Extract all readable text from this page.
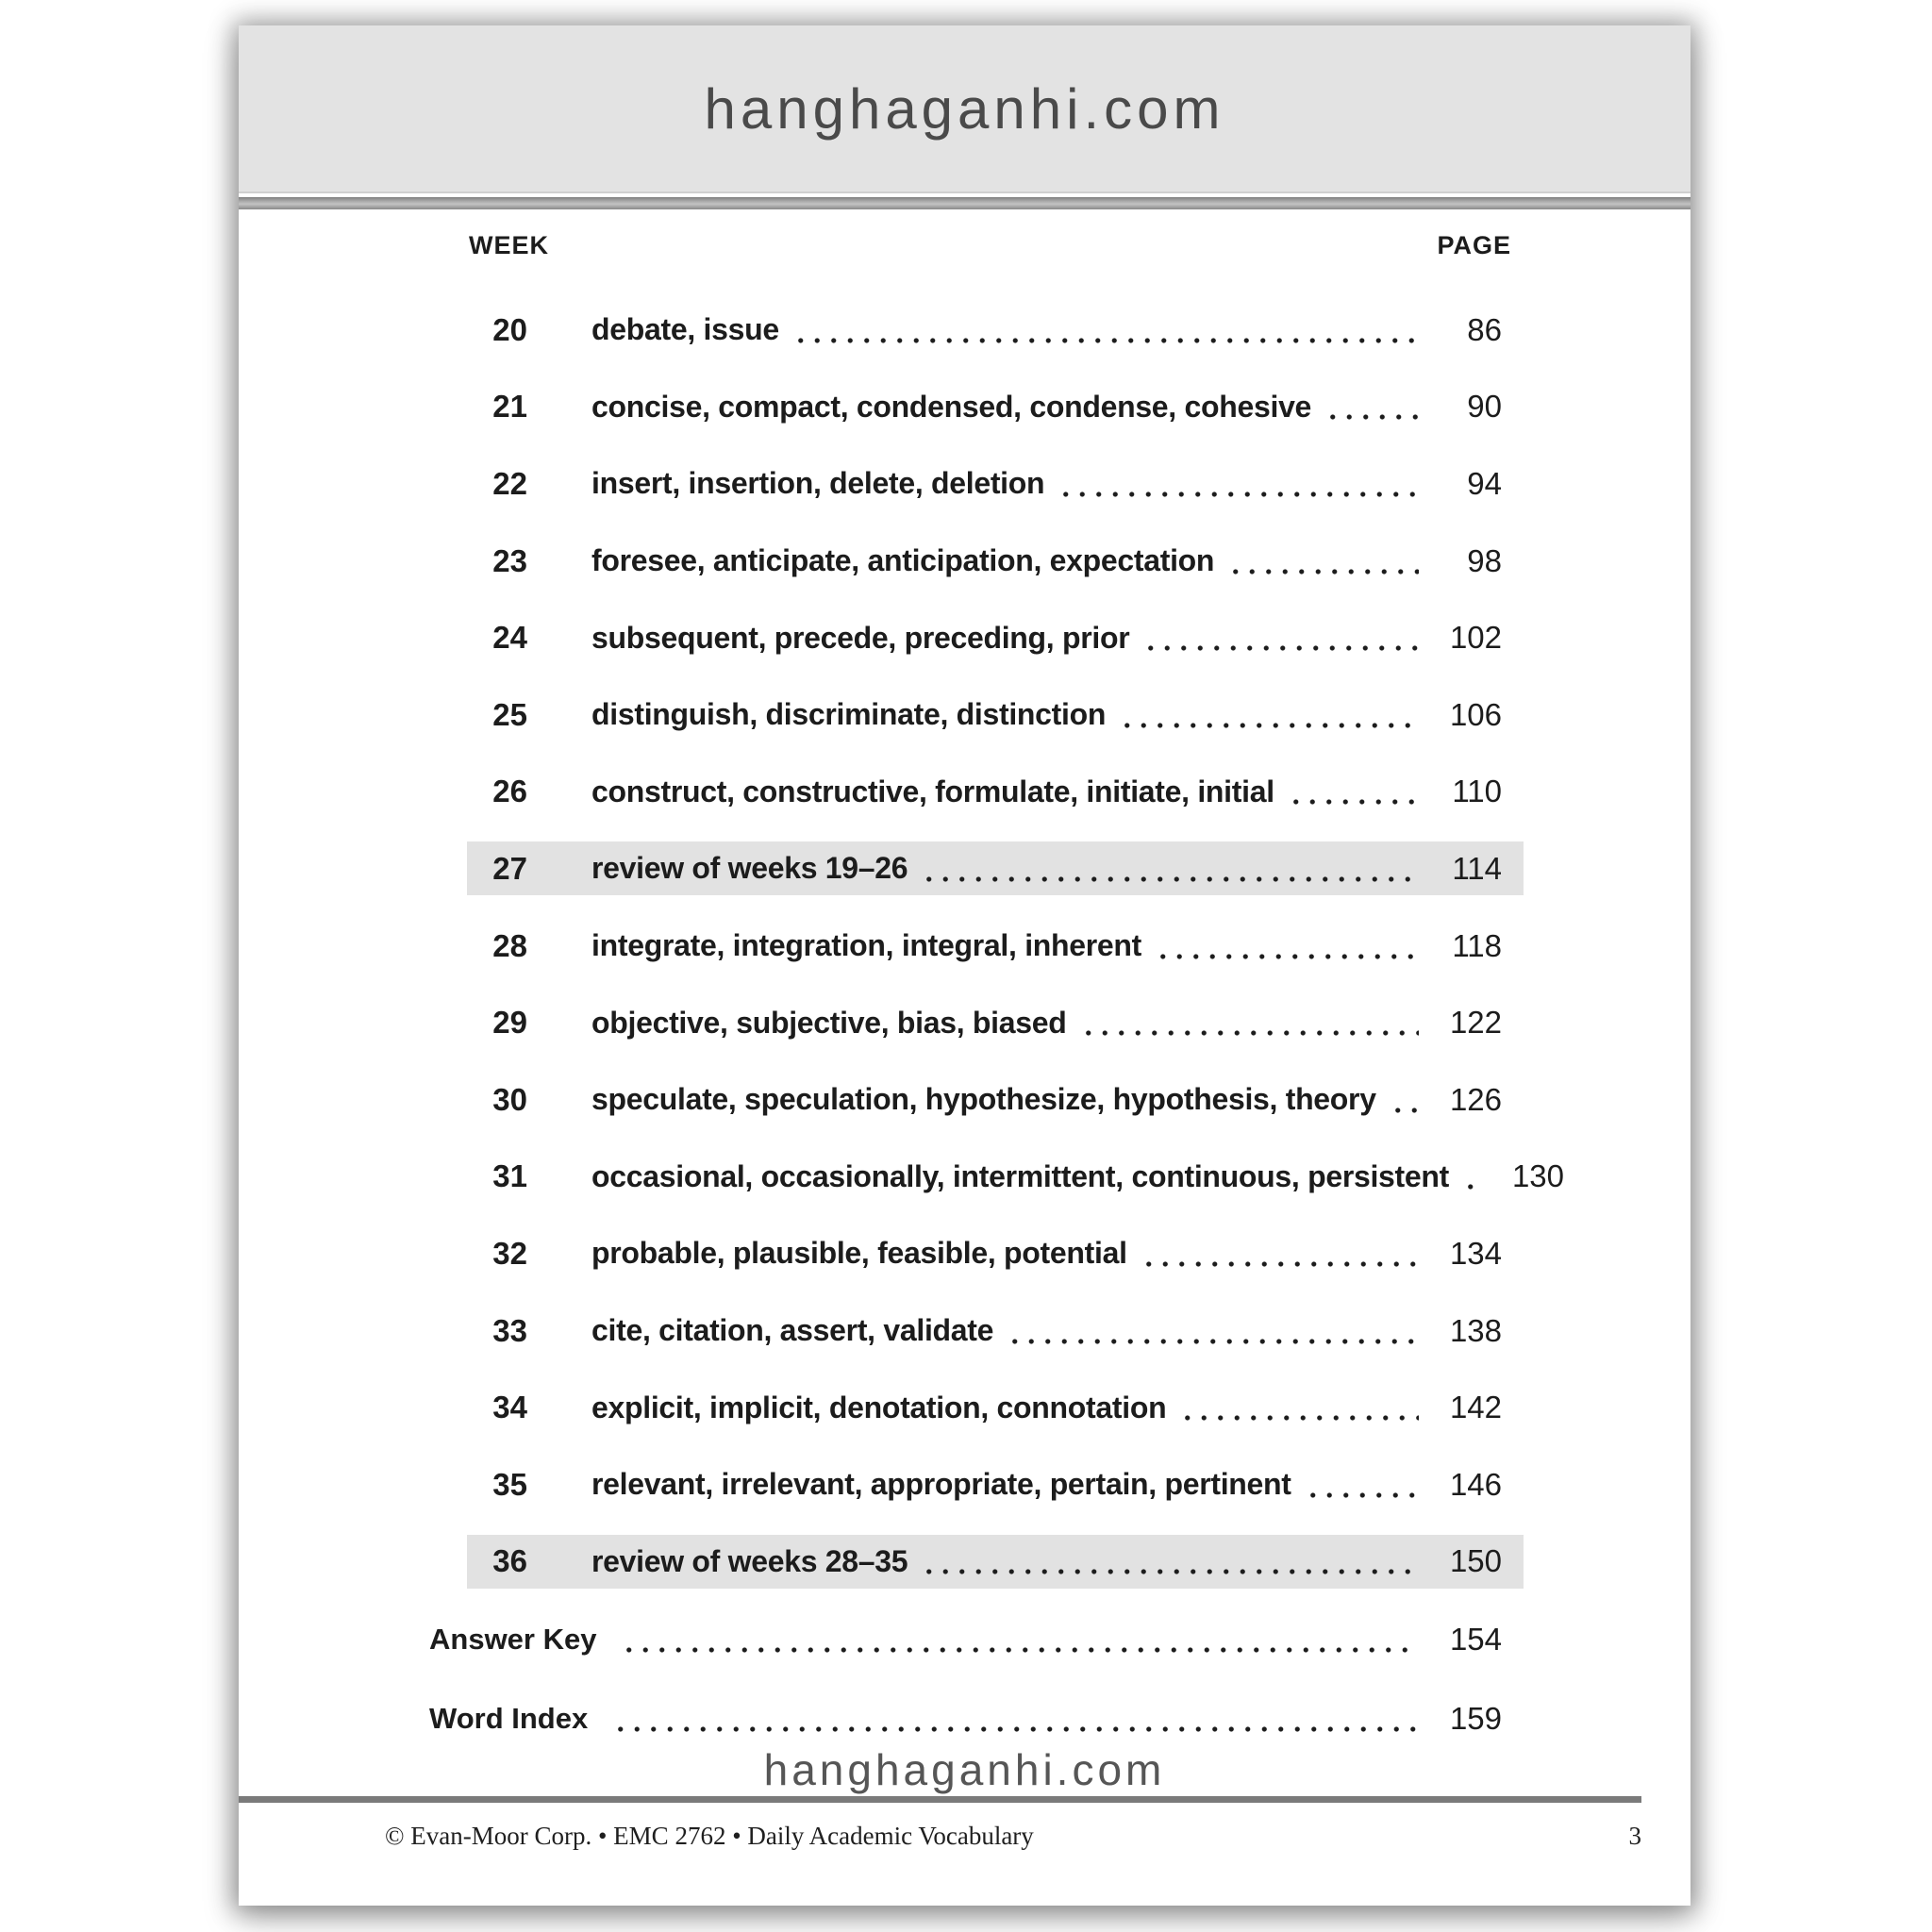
hanghaganhi.com
WEEK	PAGE
20 debate, issue	86
21 concise, compact, condensed, condense, cohesive	90
22 insert, insertion, delete, deletion	94
23 foresee, anticipate, anticipation, expectation	98
24 subsequent, precede, preceding, prior	102
25 distinguish, discriminate, distinction	106
26 construct, constructive, formulate, initiate, initial	110
27 review of weeks 19–26	114
28 integrate, integration, integral, inherent	118
29 objective, subjective, bias, biased	122
30 speculate, speculation, hypothesize, hypothesis, theory	126
31 occasional, occasionally, intermittent, continuous, persistent	130
32 probable, plausible, feasible, potential	134
33 cite, citation, assert, validate	138
34 explicit, implicit, denotation, connotation	142
35 relevant, irrelevant, appropriate, pertain, pertinent	146
36 review of weeks 28–35	150
Answer Key	154
Word Index	159
hanghaganhi.com
© Evan-Moor Corp. • EMC 2762 • Daily Academic Vocabulary	3
